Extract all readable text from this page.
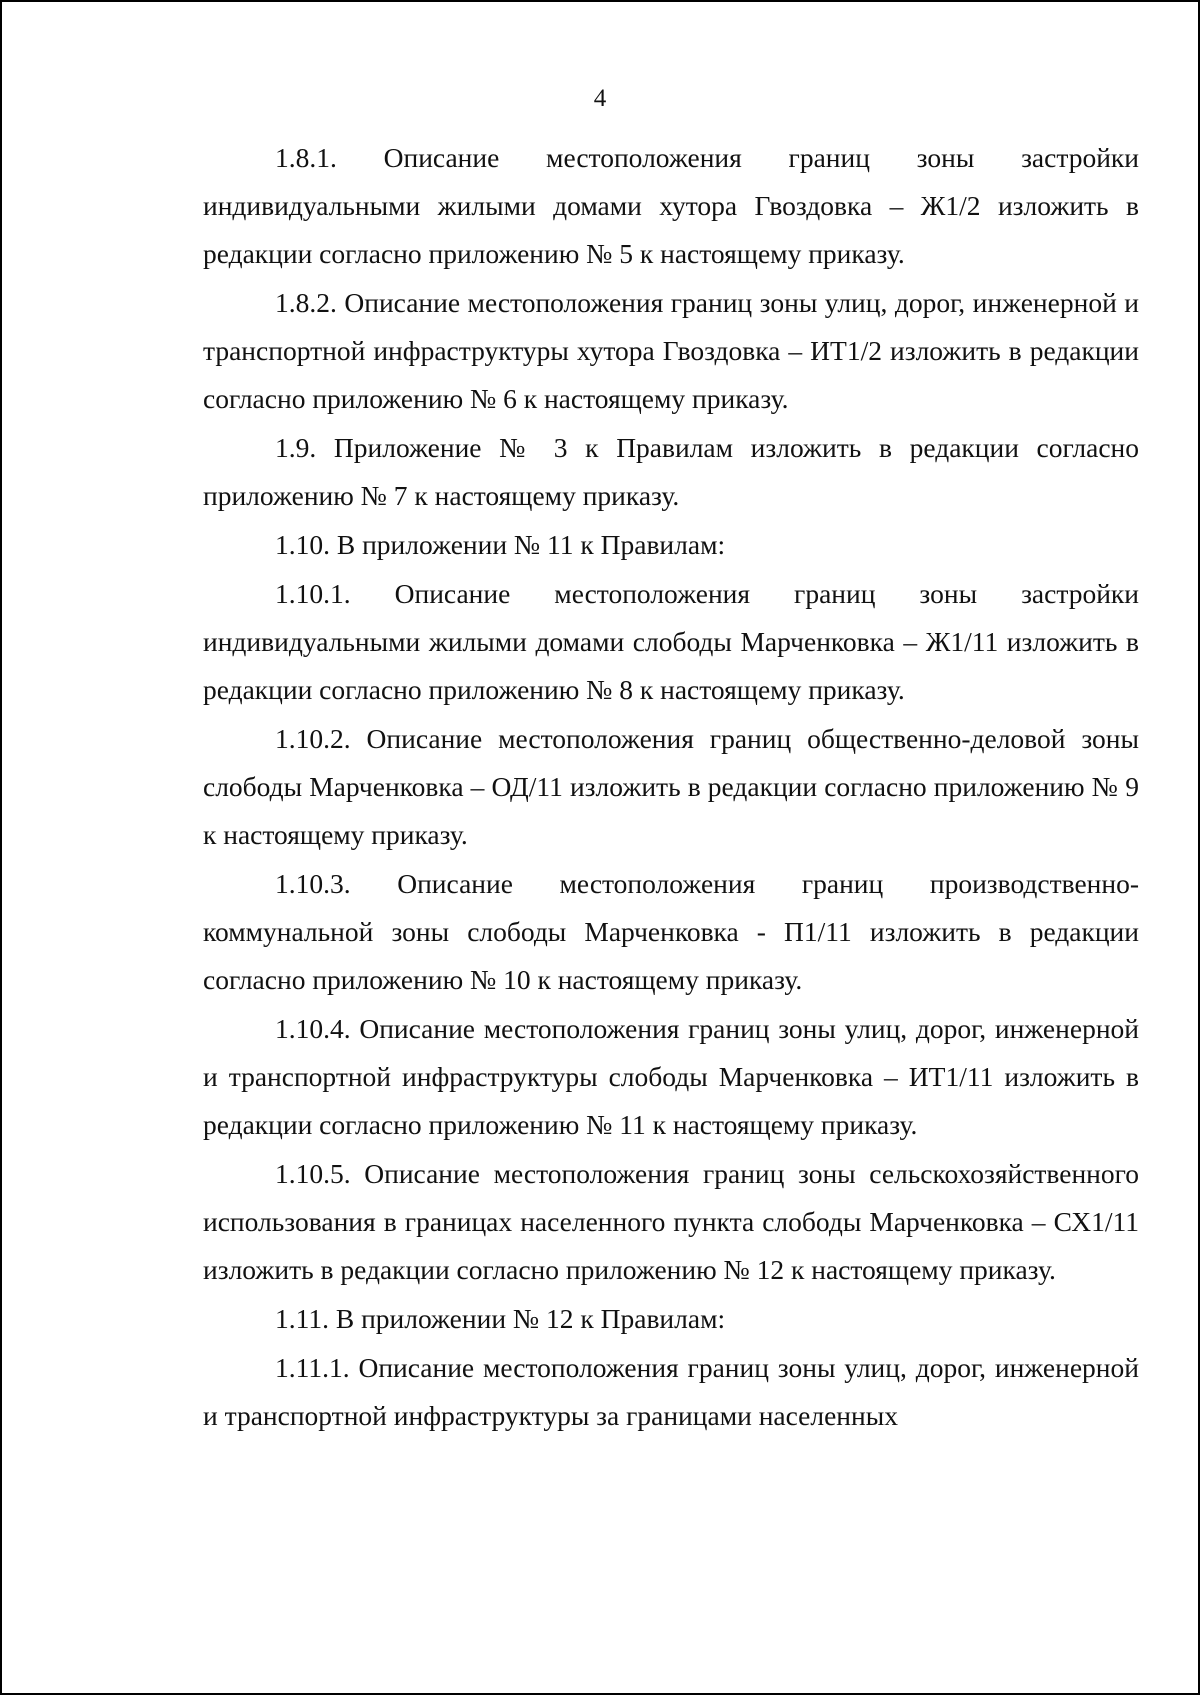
4

1.8.1. Описание местоположения границ зоны застройки индивидуальными жилыми домами хутора Гвоздовка – Ж1/2 изложить в редакции согласно приложению № 5 к настоящему приказу.

1.8.2. Описание местоположения границ зоны улиц, дорог, инженерной и транспортной инфраструктуры хутора Гвоздовка – ИТ1/2 изложить в редакции согласно приложению № 6 к настоящему приказу.

1.9. Приложение № 3 к Правилам изложить в редакции согласно приложению № 7 к настоящему приказу.

1.10. В приложении № 11 к Правилам:

1.10.1. Описание местоположения границ зоны застройки индивидуальными жилыми домами слободы Марченковка – Ж1/11 изложить в редакции согласно приложению № 8 к настоящему приказу.

1.10.2. Описание местоположения границ общественно-деловой зоны слободы Марченковка – ОД/11 изложить в редакции согласно приложению № 9 к настоящему приказу.

1.10.3. Описание местоположения границ производственно-коммунальной зоны слободы Марченковка - П1/11 изложить в редакции согласно приложению № 10 к настоящему приказу.

1.10.4. Описание местоположения границ зоны улиц, дорог, инженерной и транспортной инфраструктуры слободы Марченковка – ИТ1/11 изложить в редакции согласно приложению № 11 к настоящему приказу.

1.10.5. Описание местоположения границ зоны сельскохозяйственного использования в границах населенного пункта слободы Марченковка – СХ1/11 изложить в редакции согласно приложению № 12 к настоящему приказу.

1.11. В приложении № 12 к Правилам:

1.11.1. Описание местоположения границ зоны улиц, дорог, инженерной и транспортной инфраструктуры за границами населенных
